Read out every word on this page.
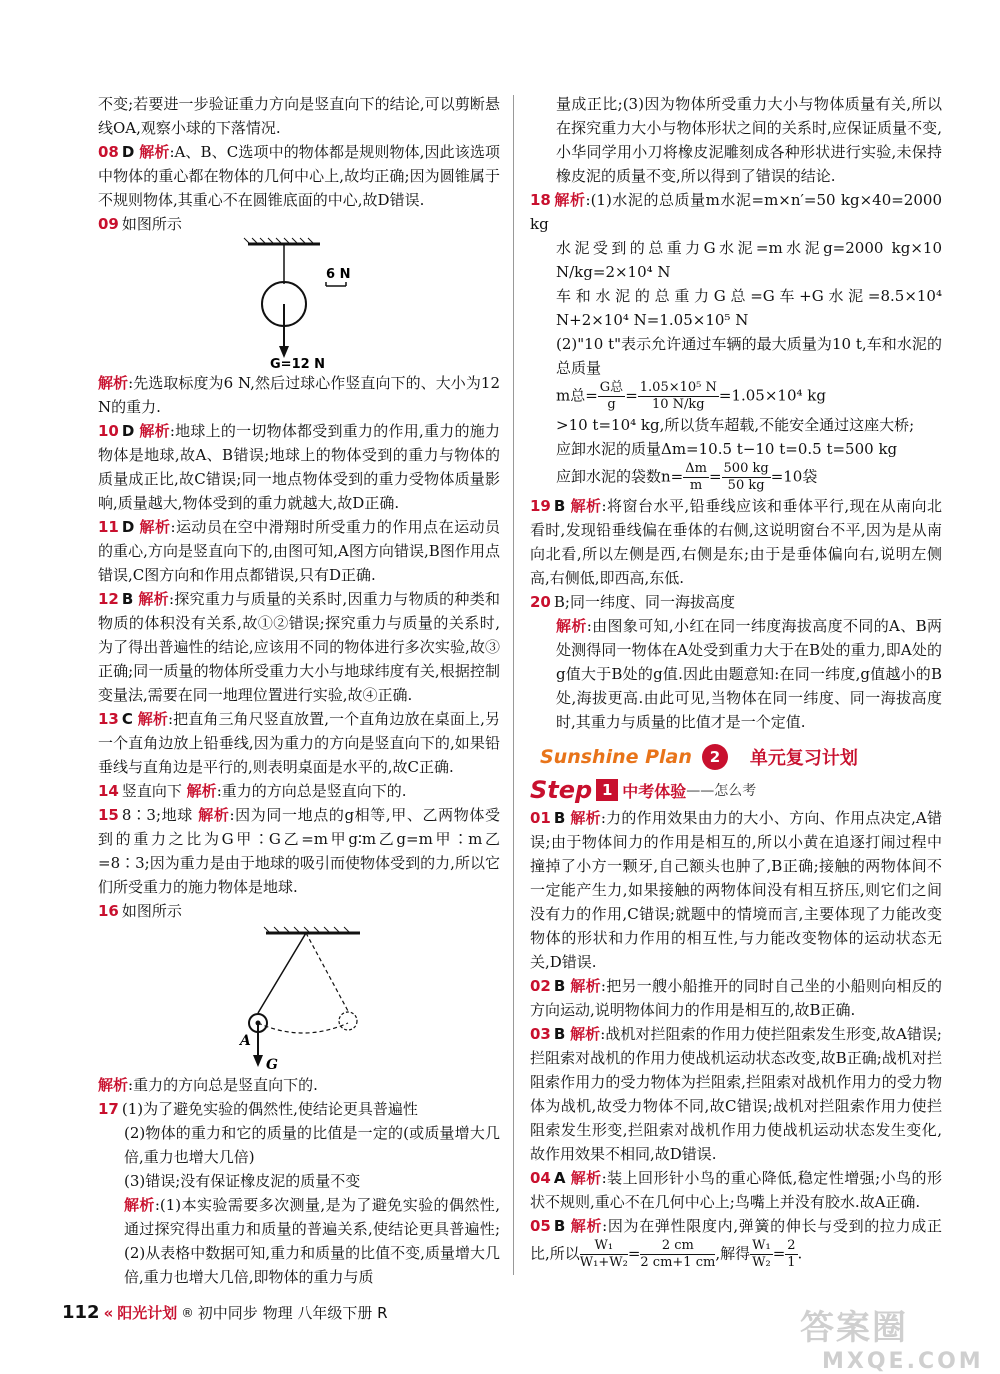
不变;若要进一步验证重力方向是竖直向下的结论,可以剪断悬线OA,观察小球的下落情况.

08 D 解析:A、B、C选项中的物体都是规则物体,因此该选项中物体的重心都在物体的几何中心上,故均正确;因为圆锥属于不规则物体,其重心不在圆锥底面的中心,故D错误.

09 如图所示

6 N
G=12 N

解析:先选取标度为6 N,然后过球心作竖直向下的、大小为12 N的重力.

10 D 解析:地球上的一切物体都受到重力的作用,重力的施力物体是地球,故A、B错误;地球上的物体受到的重力与物体的质量成正比,故C错误;同一地点物体受到的重力受物体质量影响,质量越大,物体受到的重力就越大,故D正确.

11 D 解析:运动员在空中滑翔时所受重力的作用点在运动员的重心,方向是竖直向下的,由图可知,A图方向错误,B图作用点错误,C图方向和作用点都错误,只有D正确.

12 B 解析:探究重力与质量的关系时,因重力与物质的种类和物质的体积没有关系,故①②错误;探究重力与质量的关系时,为了得出普遍性的结论,应该用不同的物体进行多次实验,故③正确;同一质量的物体所受重力大小与地球纬度有关,根据控制变量法,需要在同一地理位置进行实验,故④正确.

13 C 解析:把直角三角尺竖直放置,一个直角边放在桌面上,另一个直角边放上铅垂线,因为重力的方向是竖直向下的,如果铅垂线与直角边是平行的,则表明桌面是水平的,故C正确.

14 竖直向下 解析:重力的方向总是竖直向下的.

15 8∶3;地球 解析:因为同一地点的g相等,甲、乙两物体受到的重力之比为G甲∶G乙=m甲g∶m乙g=m甲∶m乙=8∶3;因为重力是由于地球的吸引而使物体受到的力,所以它们所受重力的施力物体是地球.

16 如图所示

A
G

解析:重力的方向总是竖直向下的.

17 (1)为了避免实验的偶然性,使结论更具普遍性

(2)物体的重力和它的质量的比值是一定的(或质量增大几倍,重力也增大几倍)

(3)错误;没有保证橡皮泥的质量不变

解析:(1)本实验需要多次测量,是为了避免实验的偶然性,通过探究得出重力和质量的普遍关系,使结论更具普遍性;(2)从表格中数据可知,重力和质量的比值不变,质量增大几倍,重力也增大几倍,即物体的重力与质

量成正比;(3)因为物体所受重力大小与物体质量有关,所以在探究重力大小与物体形状之间的关系时,应保证质量不变,小华同学用小刀将橡皮泥雕刻成各种形状进行实验,未保持橡皮泥的质量不变,所以得到了错误的结论.

18 解析:(1)水泥的总质量m水泥=m×n′=50 kg×40=2000 kg

水泥受到的总重力G水泥=m水泥g=2000 kg×10 N/kg=2×10⁴ N

车和水泥的总重力G总=G车+G水泥=8.5×10⁴ N+2×10⁴ N=1.05×10⁵ N

(2)"10 t"表示允许通过车辆的最大质量为10 t,车和水泥的总质量

m总= $\frac{\text{G总}}{g}= \frac{\text{1.05×10⁵ N}}{10 N/kg}=1.05\times 10^4$ kg

>10 t=10⁴ kg,所以货车超载,不能安全通过这座大桥;

应卸水泥的质量Δm=10.5 t−10 t=0.5 t=500 kg

应卸水泥的袋数$n= \frac{\Delta m}{m}= \frac{500 kg}{50 kg}=10$袋

19 B 解析:将窗台水平,铅垂线应该和垂体平行,现在从南向北看时,发现铅垂线偏在垂体的右侧,这说明窗台不平,因为是从南向北看,所以左侧是西,右侧是东;由于是垂体偏向右,说明左侧高,右侧低,即西高,东低.

20 B;同一纬度、同一海拔高度

解析:由图象可知,小红在同一纬度海拔高度不同的A、B两处测得同一物体在A处受到重力大于在B处的重力,即A处的g值大于B处的g值.因此由题意知:在同一纬度,g值越小的B处,海拔更高.由此可见,当物体在同一纬度、同一海拔高度时,其重力与质量的比值才是一个定值.

Sunshine Plan	2	单元复习计划
Step 1 中考体验 ——怎么考

01 B 解析:力的作用效果由力的大小、方向、作用点决定,A错误;由于物体间力的作用是相互的,所以小黄在追逐打闹过程中撞掉了小方一颗牙,自己额头也肿了,B正确;接触的两物体间不一定能产生力,如果接触的两物体间没有相互挤压,则它们之间没有力的作用,C错误;就题中的情境而言,主要体现了力能改变物体的形状和力作用的相互性,与力能改变物体的运动状态无关,D错误.

02 B 解析:把另一艘小船推开的同时自己坐的小船则向相反的方向运动,说明物体间力的作用是相互的,故B正确.

03 B 解析:战机对拦阻索的作用力使拦阻索发生形变,故A错误;拦阻索对战机的作用力使战机运动状态改变,故B正确;战机对拦阻索作用力的受力物体为拦阻索,拦阻索对战机作用力的受力物体为战机,故受力物体不同,故C错误;战机对拦阻索作用力使拦阻索发生形变,拦阻索对战机作用力使战机运动状态发生变化,故作用效果不相同,故D错误.

04 A 解析:装上回形针小鸟的重心降低,稳定性增强;小鸟的形状不规则,重心不在几何中心上;鸟嘴上并没有胶水.故A正确.

05 B 解析:因为在弹性限度内,弹簧的伸长与受到的拉力成正比,所以 $\frac{\text{W₁}}{\text{W₁+W₂}}= \frac{2 cm}{2 cm+1 cm}$,解得 $\frac{\text{W₁}}{\text{W₂}}= \frac{2}{1}$.

112 « 阳光计划 ® 初中同步 物理 八年级下册 R	答案圈
MXQE.COM
